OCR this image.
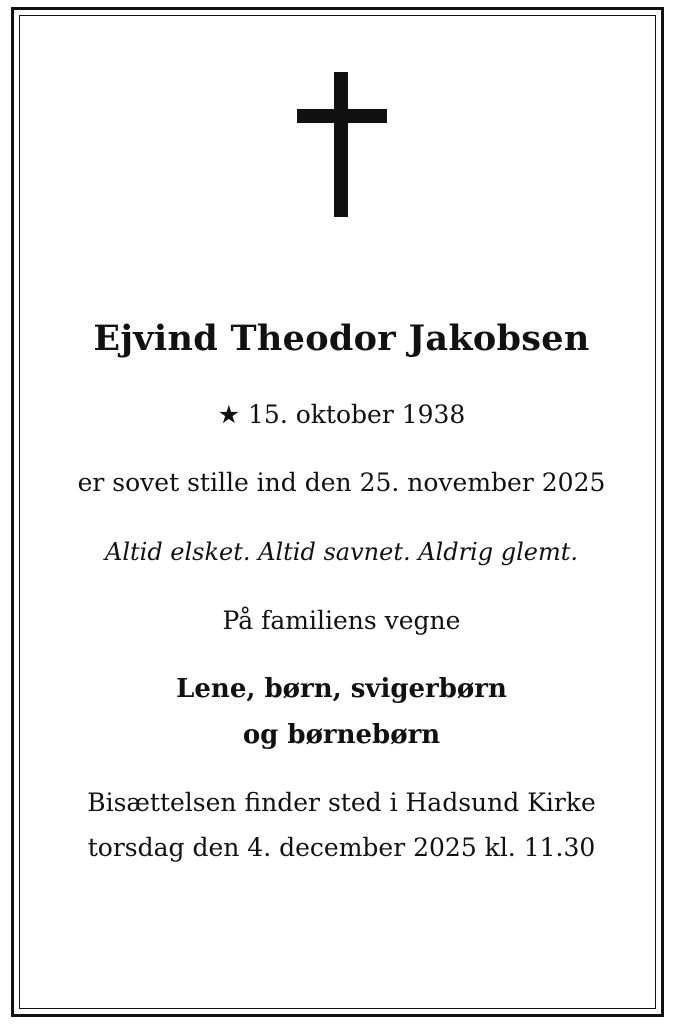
Ejvind Theodor Jakobsen
★ 15. oktober 1938
er sovet stille ind den 25. november 2025
Altid elsket. Altid savnet. Aldrig glemt.
På familiens vegne
Lene, børn, svigerbørn
og børnebørn
Bisættelsen finder sted i Hadsund Kirke
torsdag den 4. december 2025 kl. 11.30
